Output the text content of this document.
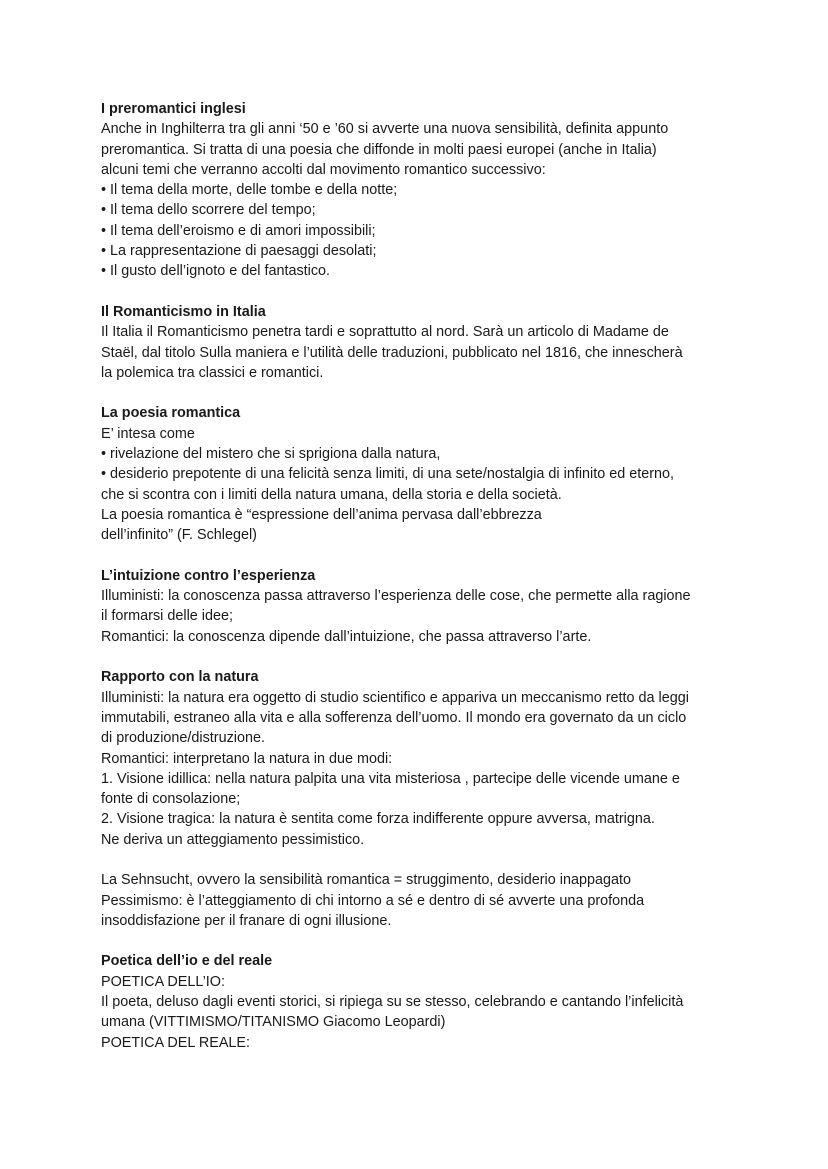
I preromantici inglesi
Anche in Inghilterra tra gli anni ‘50 e ’60 si avverte una nuova sensibilità, definita appunto
preromantica. Si tratta di una poesia che diffonde in molti paesi europei (anche in Italia)
alcuni temi che verranno accolti dal movimento romantico successivo:
• Il tema della morte, delle tombe e della notte;
• Il tema dello scorrere del tempo;
• Il tema dell’eroismo e di amori impossibili;
• La rappresentazione di paesaggi desolati;
• Il gusto dell’ignoto e del fantastico.
Il Romanticismo in Italia
Il Italia il Romanticismo penetra tardi e soprattutto al nord. Sarà un articolo di Madame de
Staël, dal titolo Sulla maniera e l’utilità delle traduzioni, pubblicato nel 1816, che innescherà
la polemica tra classici e romantici.
La poesia romantica
E’ intesa come
• rivelazione del mistero che si sprigiona dalla natura,
• desiderio prepotente di una felicità senza limiti, di una sete/nostalgia di infinito ed eterno,
che si scontra con i limiti della natura umana, della storia e della società.
La poesia romantica è “espressione dell’anima pervasa dall’ebbrezza
dell’infinito” (F. Schlegel)
L’intuizione contro l’esperienza
Illuministi: la conoscenza passa attraverso l’esperienza delle cose, che permette alla ragione
il formarsi delle idee;
Romantici: la conoscenza dipende dall’intuizione, che passa attraverso l’arte.
Rapporto con la natura
Illuministi: la natura era oggetto di studio scientifico e appariva un meccanismo retto da leggi
immutabili, estraneo alla vita e alla sofferenza dell’uomo. Il mondo era governato da un ciclo
di produzione/distruzione.
Romantici: interpretano la natura in due modi:
1. Visione idillica: nella natura palpita una vita misteriosa , partecipe delle vicende umane e
fonte di consolazione;
2. Visione tragica: la natura è sentita come forza indifferente oppure avversa, matrigna.
Ne deriva un atteggiamento pessimistico.
La Sehnsucht, ovvero la sensibilità romantica = struggimento, desiderio inappagato
Pessimismo: è l’atteggiamento di chi intorno a sé e dentro di sé avverte una profonda
insoddisfazione per il franare di ogni illusione.
Poetica dell’io e del reale
POETICA DELL’IO:
Il poeta, deluso dagli eventi storici, si ripiega su se stesso, celebrando e cantando l’infelicità
umana (VITTIMISMO/TITANISMO Giacomo Leopardi)
POETICA DEL REALE:
